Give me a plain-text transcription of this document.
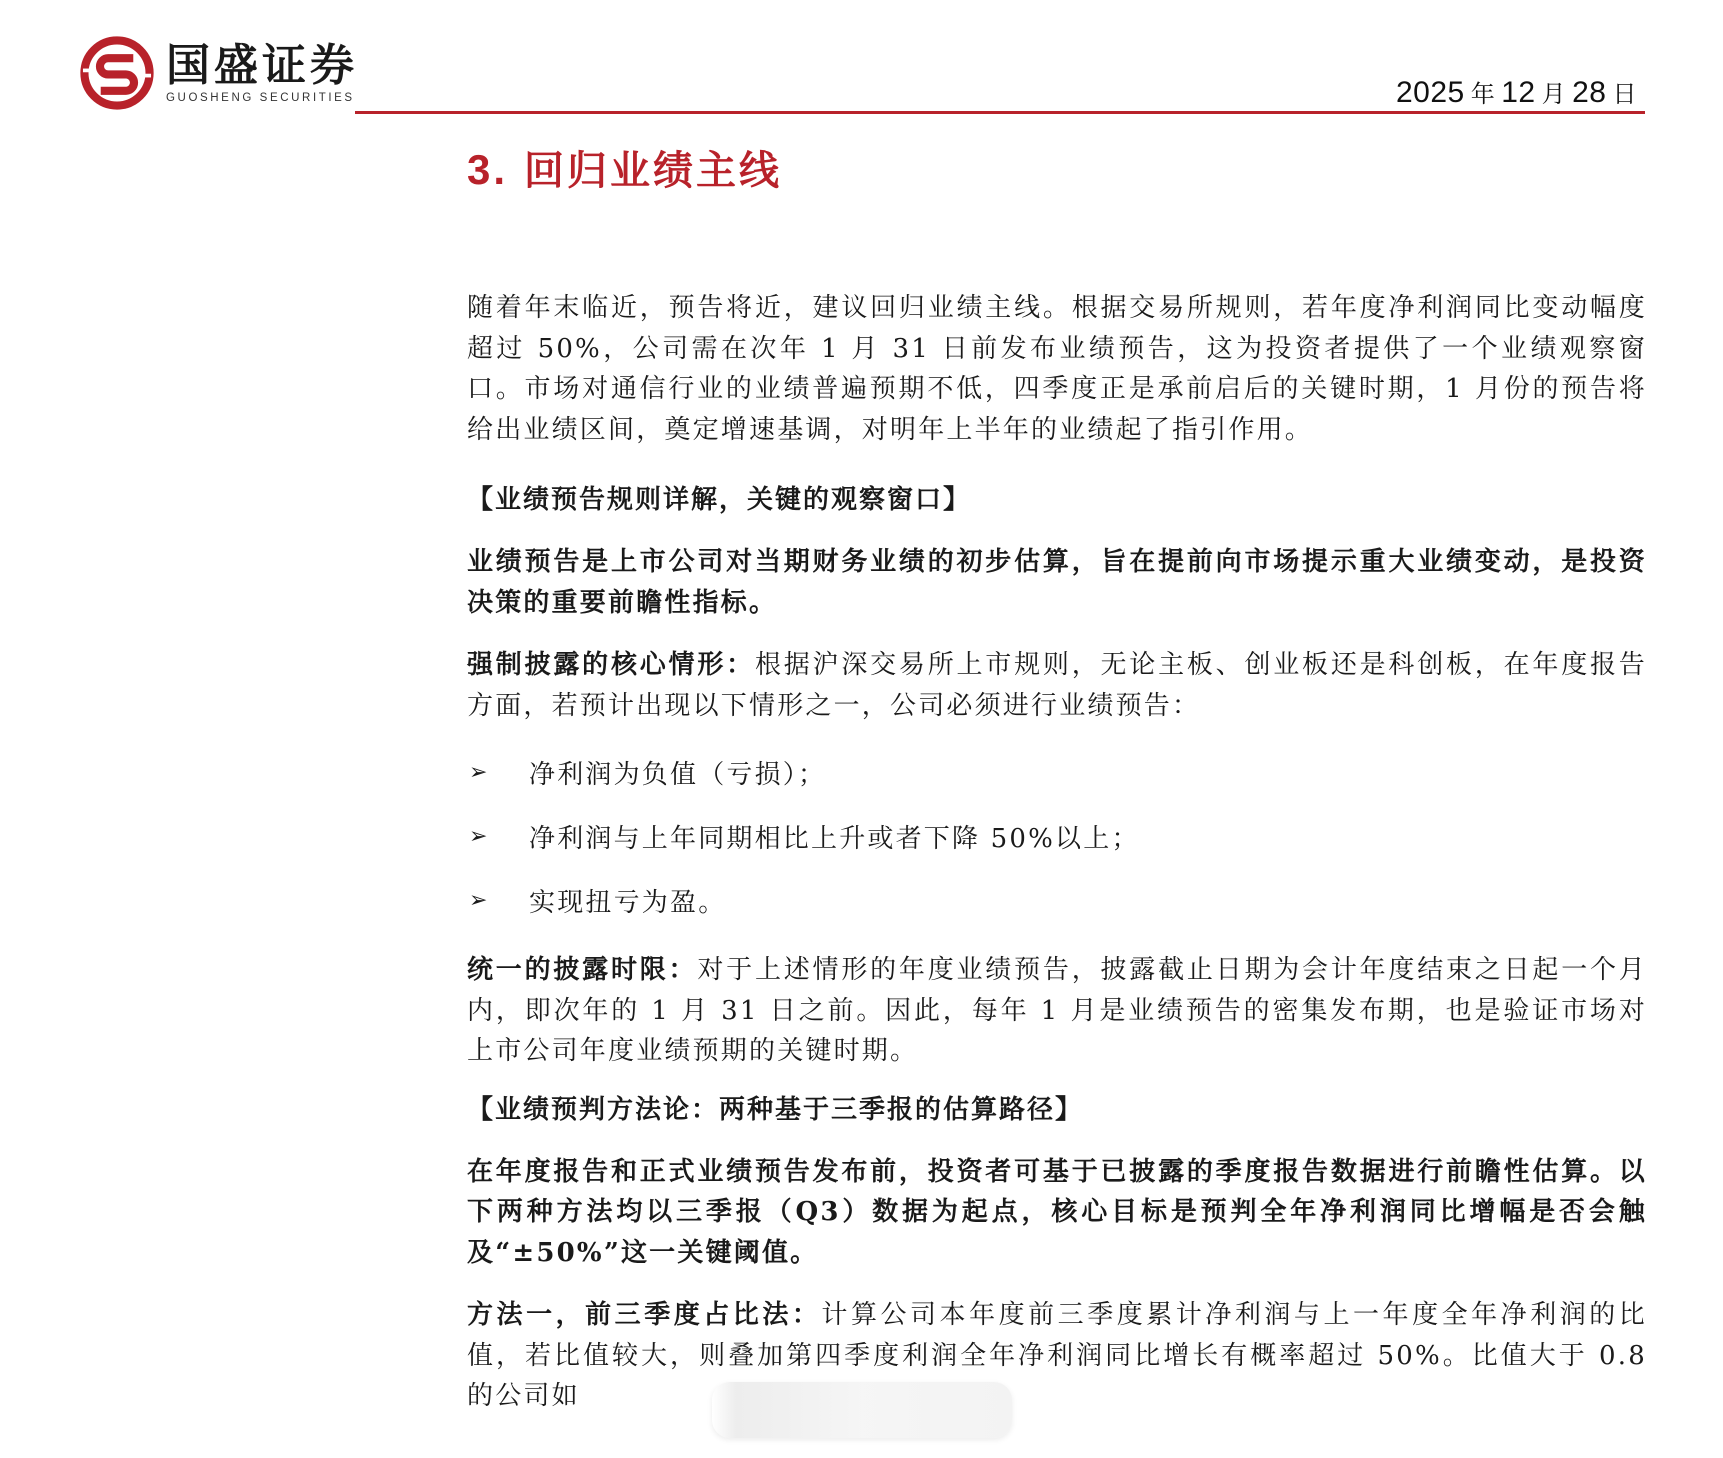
国盛证券
GUOSHENG SECURITIES	2025 年 12 月 28 日
3. 回归业绩主线

随着年末临近，预告将近，建议回归业绩主线。根据交易所规则，若年度净利润同比变动幅度超过 50%，公司需在次年 1 月 31 日前发布业绩预告，这为投资者提供了一个业绩观察窗口。市场对通信行业的业绩普遍预期不低，四季度正是承前启后的关键时期，1 月份的预告将给出业绩区间，奠定增速基调，对明年上半年的业绩起了指引作用。

【业绩预告规则详解，关键的观察窗口】

业绩预告是上市公司对当期财务业绩的初步估算，旨在提前向市场提示重大业绩变动，是投资决策的重要前瞻性指标。

强制披露的核心情形：根据沪深交易所上市规则，无论主板、创业板还是科创板，在年度报告方面，若预计出现以下情形之一，公司必须进行业绩预告：

➢	净利润为负值（亏损）；
➢	净利润与上年同期相比上升或者下降 50%以上；
➢	实现扭亏为盈。

统一的披露时限：对于上述情形的年度业绩预告，披露截止日期为会计年度结束之日起一个月内，即次年的 1 月 31 日之前。因此，每年 1 月是业绩预告的密集发布期，也是验证市场对上市公司年度业绩预期的关键时期。

【业绩预判方法论：两种基于三季报的估算路径】

在年度报告和正式业绩预告发布前，投资者可基于已披露的季度报告数据进行前瞻性估算。以下两种方法均以三季报（Q3）数据为起点，核心目标是预判全年净利润同比增幅是否会触及“±50%”这一关键阈值。

方法一，前三季度占比法：计算公司本年度前三季度累计净利润与上一年度全年净利润的比值，若比值较大，则叠加第四季度利润全年净利润同比增长有概率超过 50%。比值大于 0.8 的公司如
